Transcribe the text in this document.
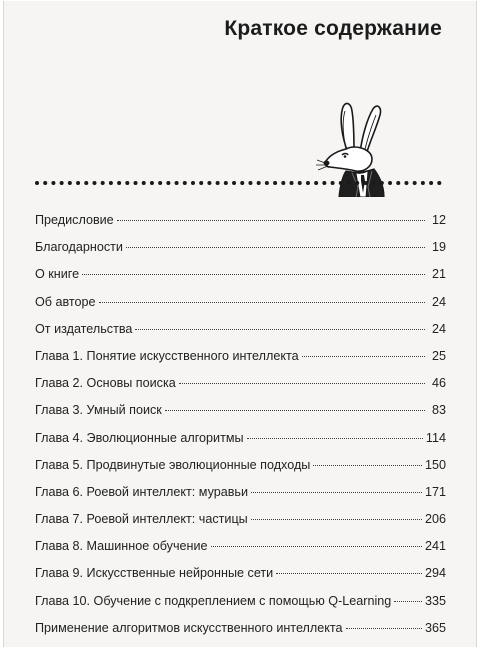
Краткое содержание
Предисловие	12
Благодарности	19
О книге	21
Об авторе	24
От издательства	24
Глава 1. Понятие искусственного интеллекта	25
Глава 2. Основы поиска	46
Глава 3. Умный поиск	83
Глава 4. Эволюционные алгоритмы	114
Глава 5. Продвинутые эволюционные подходы	150
Глава 6. Роевой интеллект: муравьи	171
Глава 7. Роевой интеллект: частицы	206
Глава 8. Машинное обучение	241
Глава 9. Искусственные нейронные сети	294
Глава 10. Обучение с подкреплением с помощью Q-Learning	335
Применение алгоритмов искусственного интеллекта	365
